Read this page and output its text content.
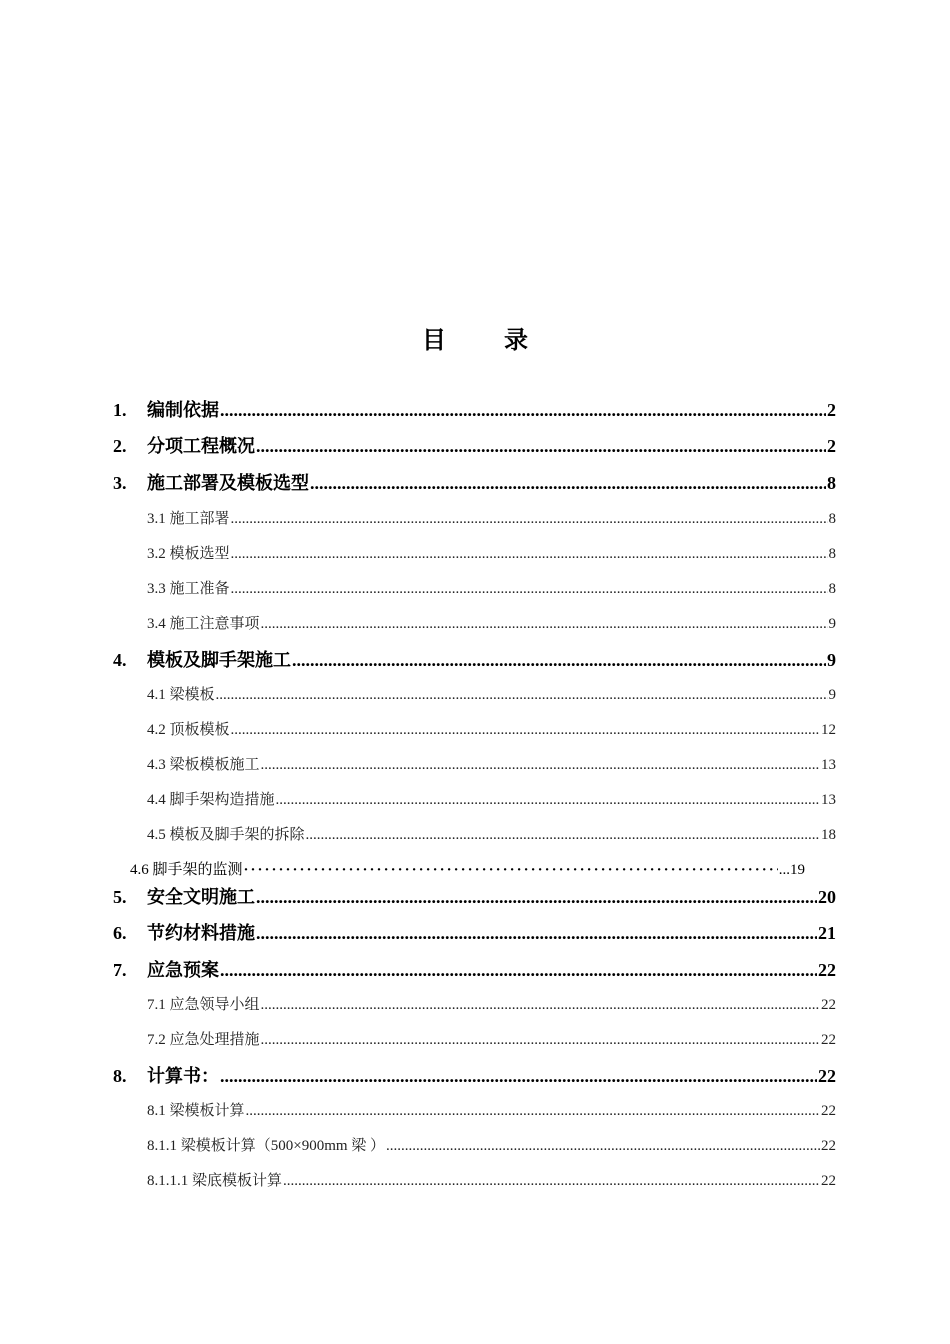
目 录
1.	编制依据 .....	2
2.	分项工程概况 .....	2
3.	施工部署及模板选型 .....	8
3.1 施工部署 .....	8
3.2 模板选型 .....	8
3.3 施工准备 .....	8
3.4 施工注意事项 .....	9
4.	模板及脚手架施工 .....	9
4.1 梁模板 .....	9
4.2 顶板模板 .....	12
4.3 梁板模板施工 .....	13
4.4 脚手架构造措施 .....	13
4.5 模板及脚手架的拆除 .....	18
4.6 脚手架的监测 ·····	...19
5.	安全文明施工 .....	20
6.	节约材料措施 .....	21
7.	应急预案 .....	22
7.1 应急领导小组 .....	22
7.2 应急处理措施 .....	22
8.	计算书： .....	22
8.1 梁模板计算 .....	22
8.1.1 梁模板计算（500×900mm 梁 ） .....	22
8.1.1.1 梁底模板计算 .....	22
